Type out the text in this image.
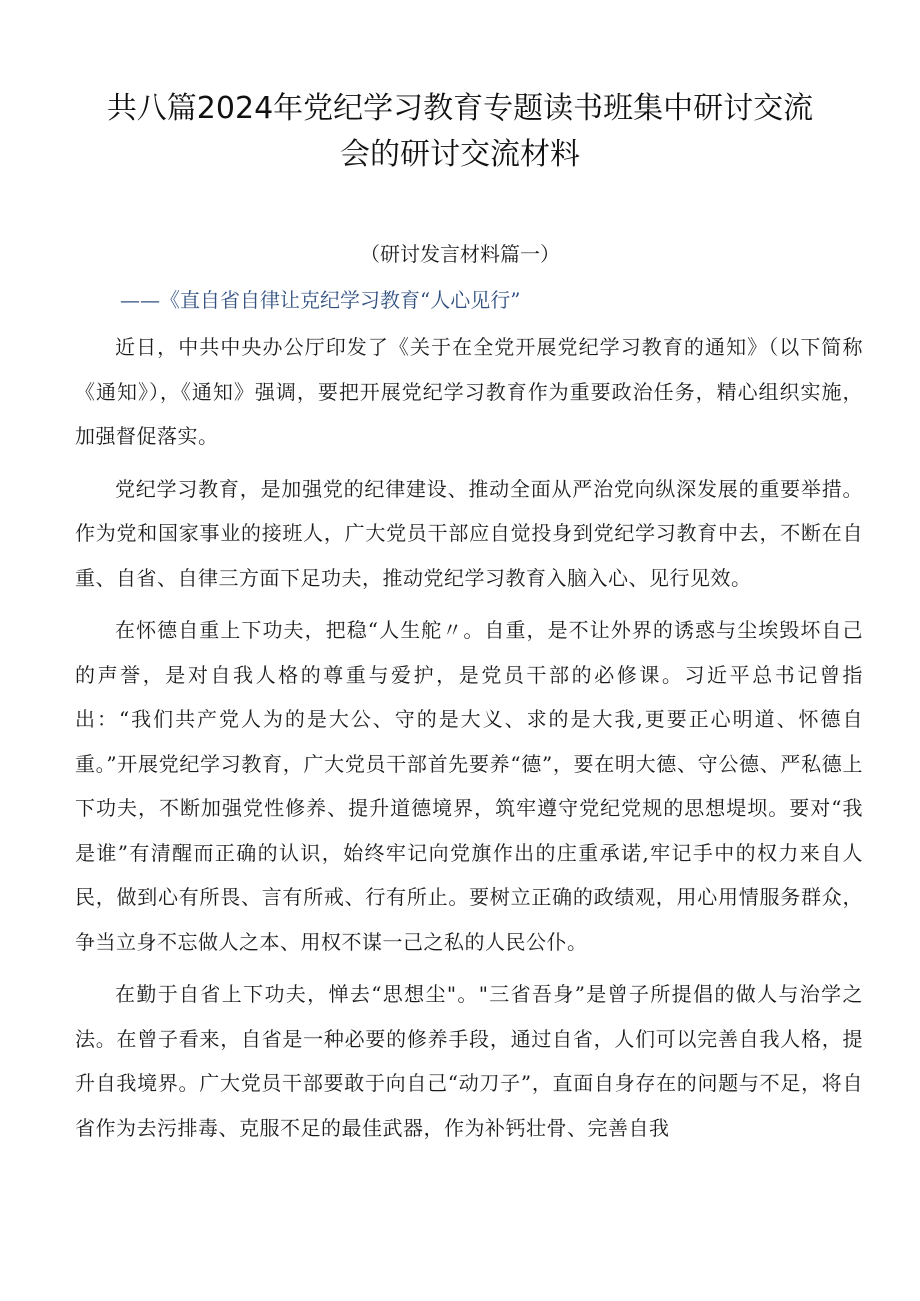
共八篇2024年党纪学习教育专题读书班集中研讨交流
会的研讨交流材料

（研讨发言材料篇一）

——《直自省自律让克纪学习教育“人心见行”

近日，中共中央办公厅印发了《关于在全党开展党纪学习教育的通知》（以下简称《通知》），《通知》强调，要把开展党纪学习教育作为重要政治任务，精心组织实施，加强督促落实。

党纪学习教育，是加强党的纪律建设、推动全面从严治党向纵深发展的重要举措。作为党和国家事业的接班人，广大党员干部应自觉投身到党纪学习教育中去，不断在自重、自省、自律三方面下足功夫，推动党纪学习教育入脑入心、见行见效。

在怀德自重上下功夫，把稳“人生舵〃。自重，是不让外界的诱惑与尘埃毁坏自己的声誉，是对自我人格的尊重与爱护，是党员干部的必修课。习近平总书记曾指出：“我们共产党人为的是大公、守的是大义、求的是大我,更要正心明道、怀德自重。”开展党纪学习教育，广大党员干部首先要养“德”，要在明大德、守公德、严私德上下功夫，不断加强党性修养、提升道德境界，筑牢遵守党纪党规的思想堤坝。要对“我是谁”有清醒而正确的认识，始终牢记向党旗作出的庄重承诺,牢记手中的权力来自人民，做到心有所畏、言有所戒、行有所止。要树立正确的政绩观，用心用情服务群众，争当立身不忘做人之本、用权不谋一己之私的人民公仆。

在勤于自省上下功夫，惮去“思想尘"。"三省吾身”是曾子所提倡的做人与治学之法。在曾子看来，自省是一种必要的修养手段，通过自省，人们可以完善自我人格，提升自我境界。广大党员干部要敢于向自己“动刀子”，直面自身存在的问题与不足，将自省作为去污排毒、克服不足的最佳武器，作为补钙壮骨、完善自我
